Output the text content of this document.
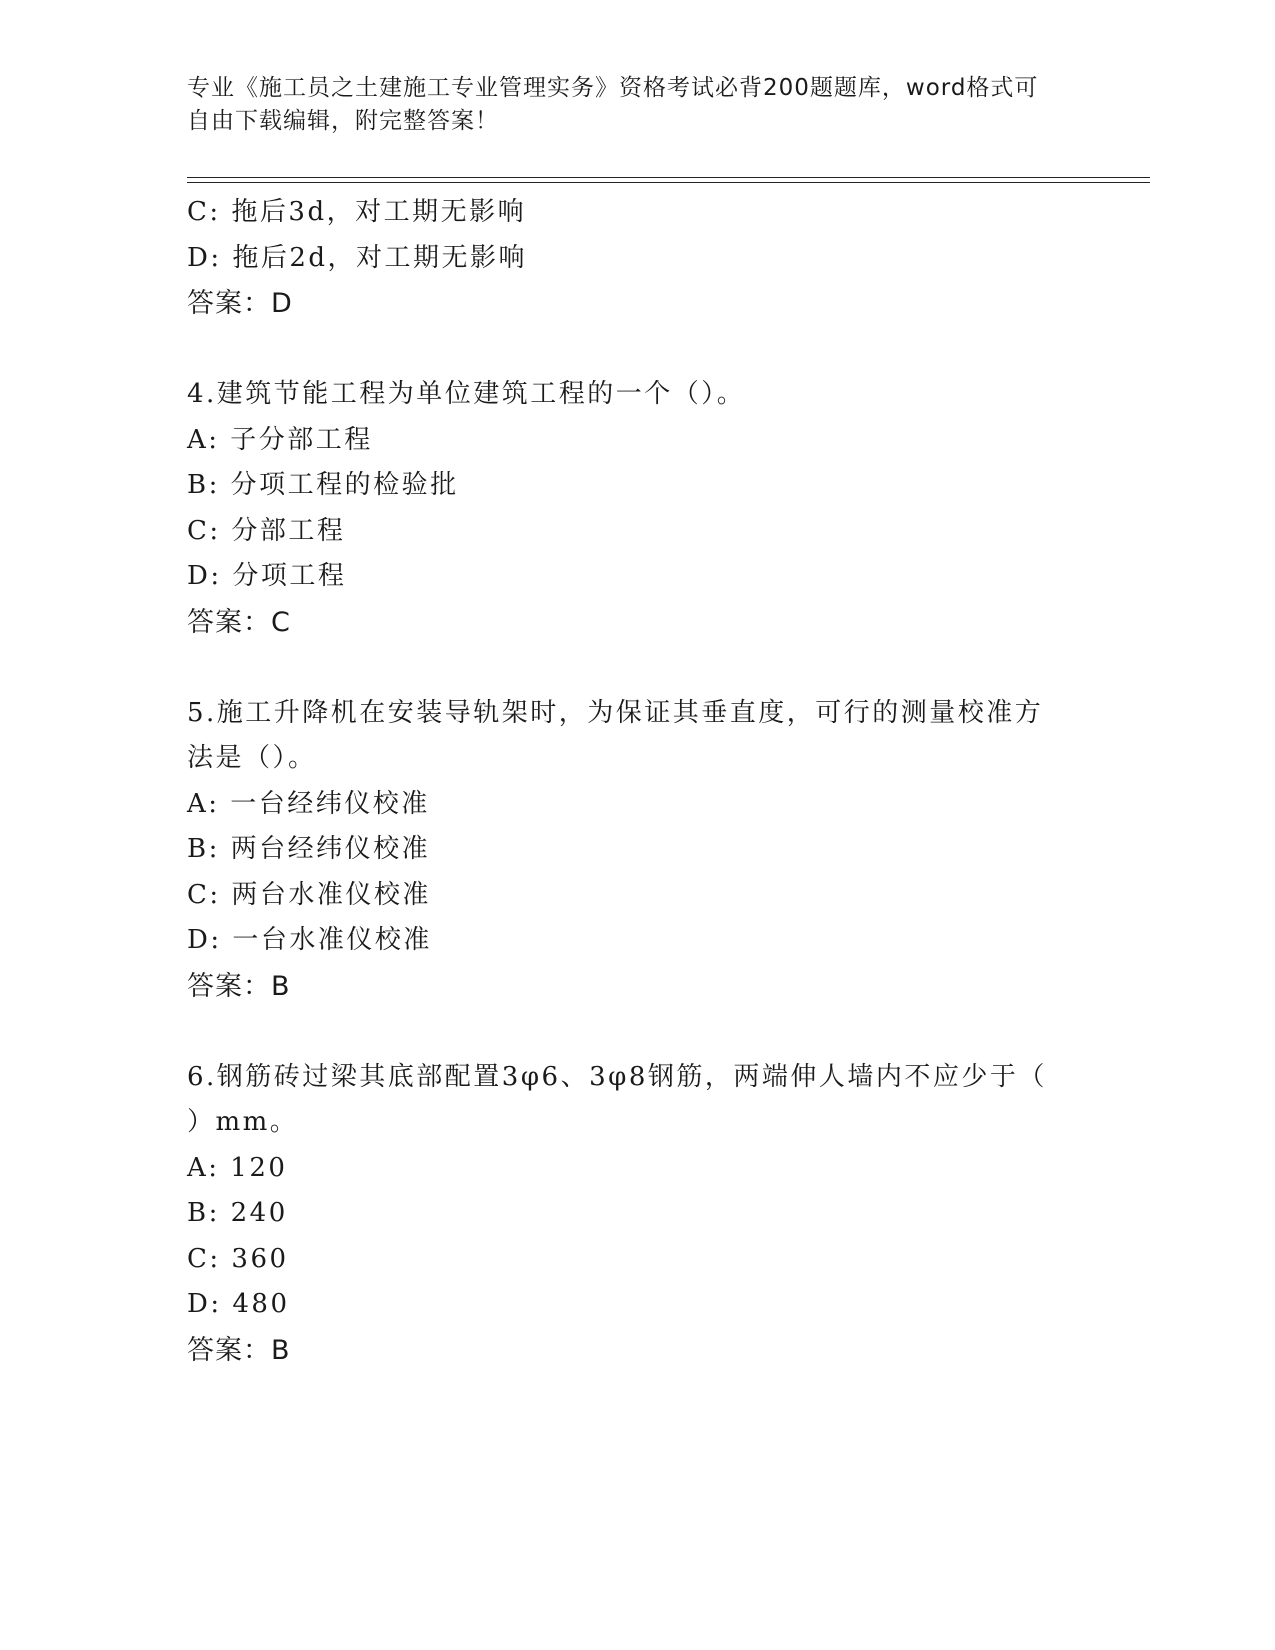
专业《施工员之土建施工专业管理实务》资格考试必背200题题库，word格式可
自由下载编辑，附完整答案！
C: 拖后3d，对工期无影响
D: 拖后2d，对工期无影响
答案：D
4.建筑节能工程为单位建筑工程的一个（）。
A: 子分部工程
B: 分项工程的检验批
C: 分部工程
D: 分项工程
答案：C
5.施工升降机在安装导轨架时，为保证其垂直度，可行的测量校准方
法是（）。
A: 一台经纬仪校准
B: 两台经纬仪校准
C: 两台水准仪校准
D: 一台水准仪校准
答案：B
6.钢筋砖过梁其底部配置3φ6、3φ8钢筋，两端伸人墙内不应少于（
）mm。
A: 120
B: 240
C: 360
D: 480
答案：B
